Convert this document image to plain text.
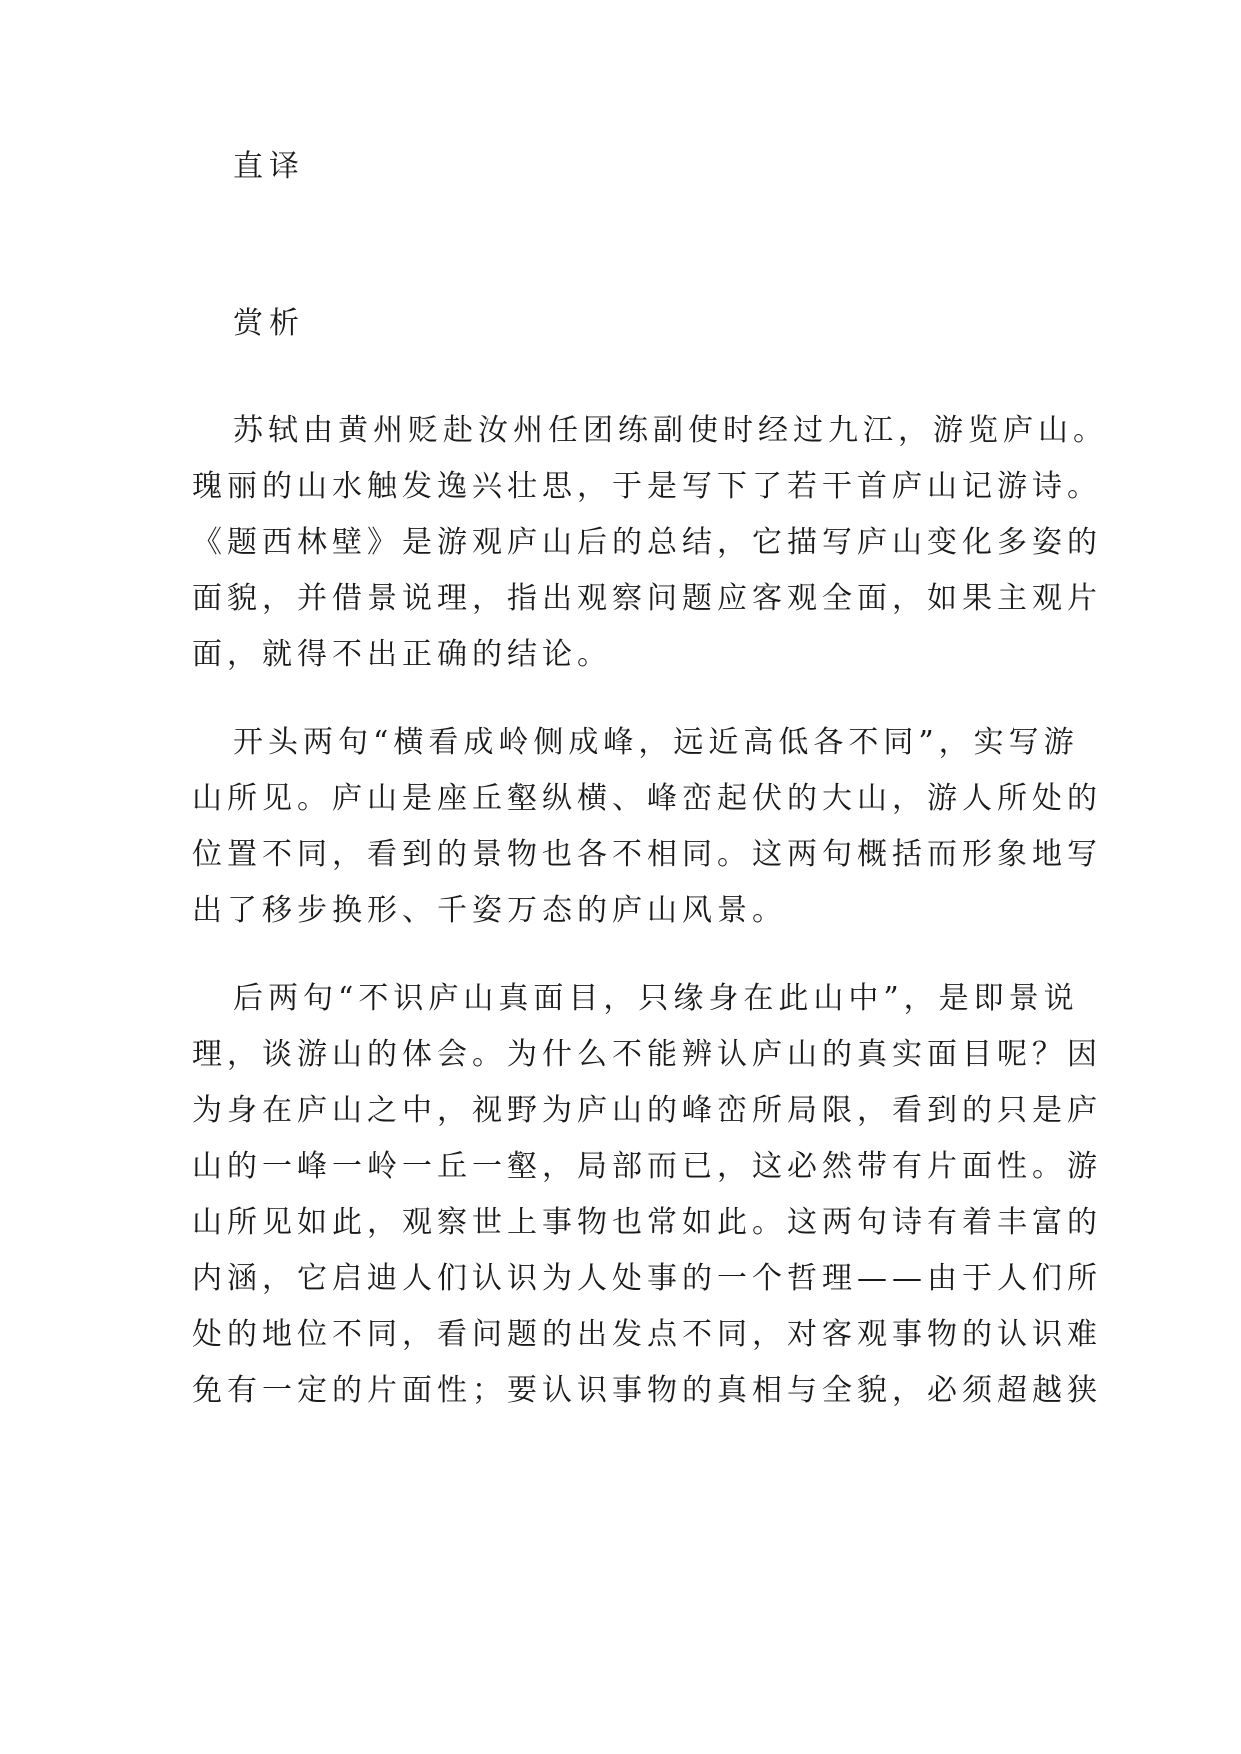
直译
赏析
苏轼由黄州贬赴汝州任团练副使时经过九江，游览庐山。
瑰丽的山水触发逸兴壮思，于是写下了若干首庐山记游诗。
《题西林壁》是游观庐山后的总结，它描写庐山变化多姿的
面貌，并借景说理，指出观察问题应客观全面，如果主观片
面，就得不出正确的结论。
开头两句“横看成岭侧成峰，远近高低各不同”，实写游
山所见。庐山是座丘壑纵横、峰峦起伏的大山，游人所处的
位置不同，看到的景物也各不相同。这两句概括而形象地写
出了移步换形、千姿万态的庐山风景。
后两句“不识庐山真面目，只缘身在此山中”，是即景说
理，谈游山的体会。为什么不能辨认庐山的真实面目呢？因
为身在庐山之中，视野为庐山的峰峦所局限，看到的只是庐
山的一峰一岭一丘一壑，局部而已，这必然带有片面性。游
山所见如此，观察世上事物也常如此。这两句诗有着丰富的
内涵，它启迪人们认识为人处事的一个哲理——由于人们所
处的地位不同，看问题的出发点不同，对客观事物的认识难
免有一定的片面性；要认识事物的真相与全貌，必须超越狭
